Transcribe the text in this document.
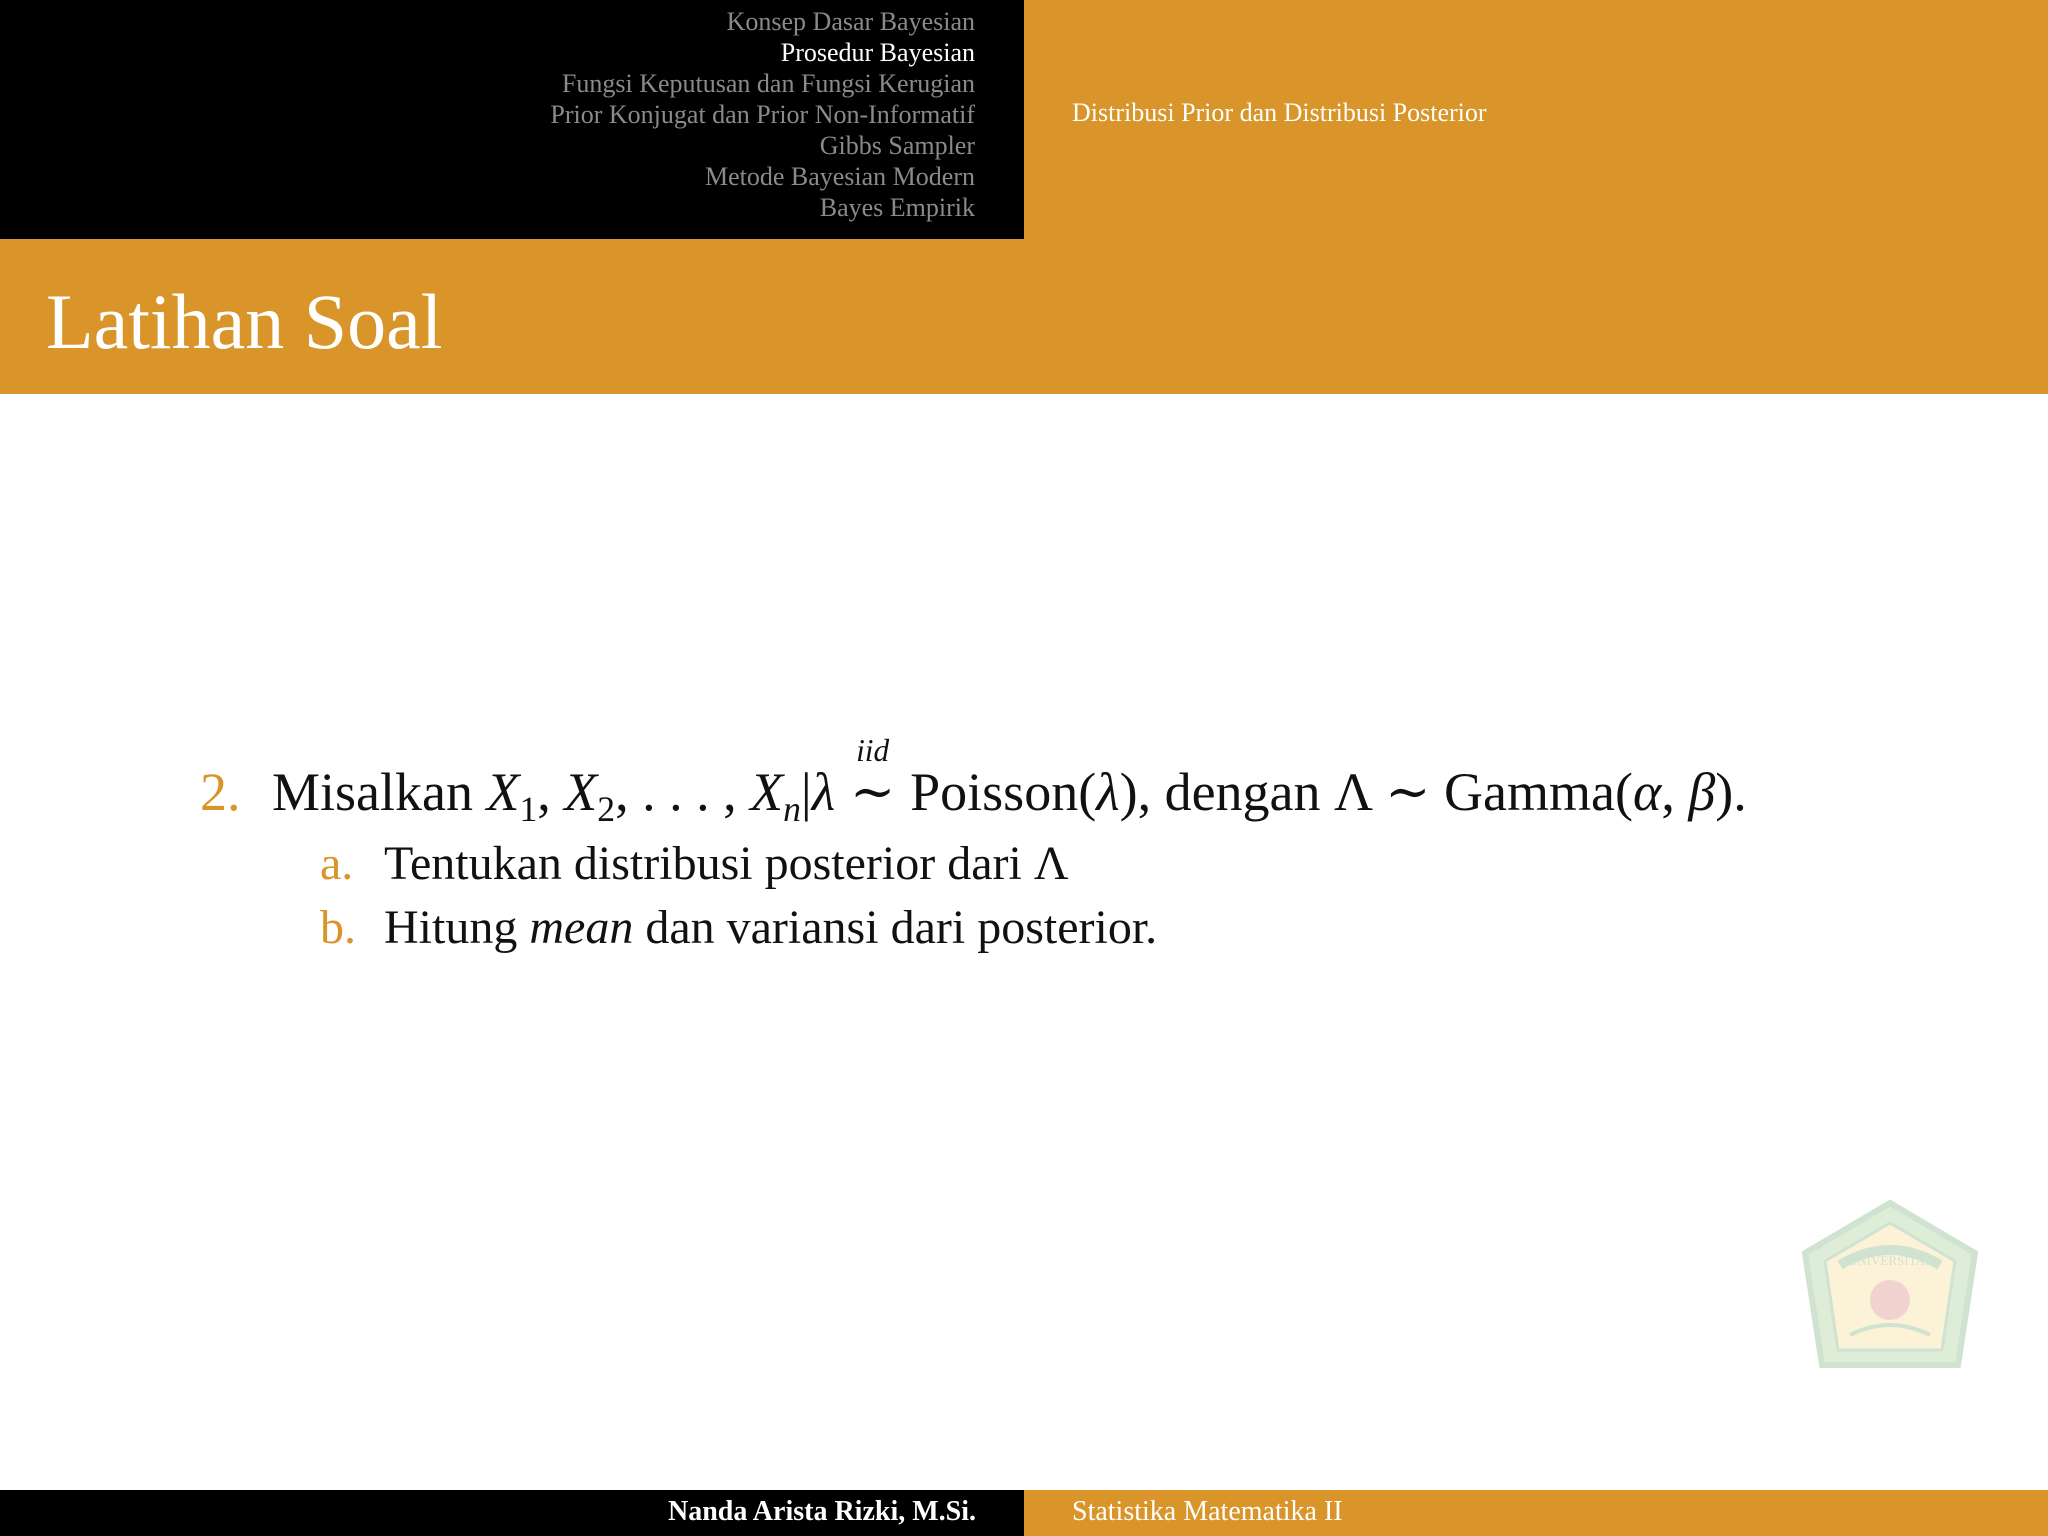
Konsep Dasar Bayesian
Prosedur Bayesian
Fungsi Keputusan dan Fungsi Kerugian
Prior Konjugat dan Prior Non-Informatif
Gibbs Sampler
Metode Bayesian Modern
Bayes Empirik
Distribusi Prior dan Distribusi Posterior
Latihan Soal
2. Misalkan $X_1$, $X_2$, . . . , $X_n|\lambda$
iid
∼ Poisson(λ), dengan Λ ∼ Gamma(α, β).
a. Tentukan distribusi posterior dari Λ
b. Hitung mean dan variansi dari posterior.
UNIVERSITAS
Nanda Arista Rizki, M.Si.	Statistika Matematika II
